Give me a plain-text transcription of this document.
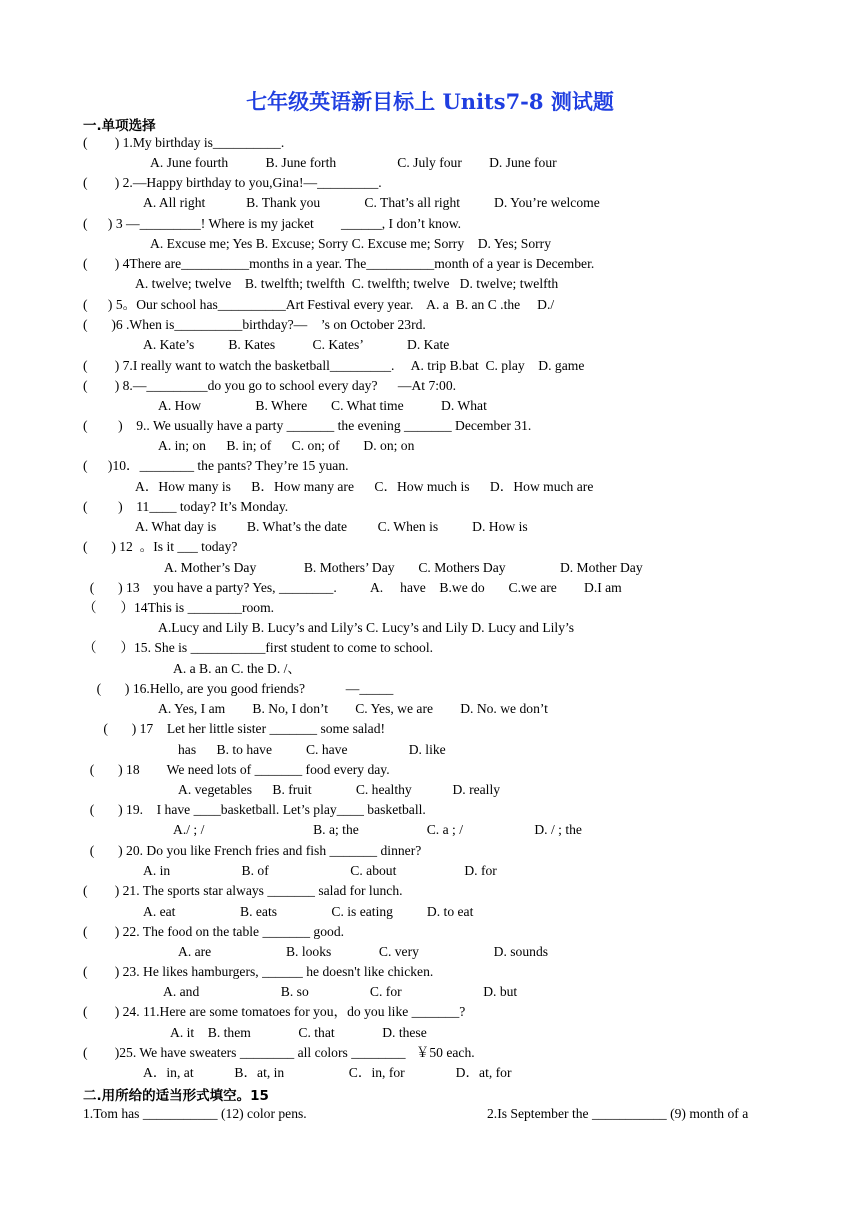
七年级英语新目标上 Units7-8 测试题
一.单项选择
(        ) 1.My birthday is__________.
A. June fourth           B. June forth                  C. July four        D. June four
(        ) 2.—Happy birthday to you,Gina!—_________.
A. All right            B. Thank you             C. That’s all right          D. You’re welcome
(      ) 3 —_________! Where is my jacket        ______, I don’t know.
A. Excuse me; Yes B. Excuse; Sorry C. Excuse me; Sorry    D. Yes; Sorry
(        ) 4There are__________months in a year. The__________month of a year is December.
A. twelve; twelve    B. twelfth; twelfth  C. twelfth; twelve   D. twelve; twelfth
(      ) 5。Our school has__________Art Festival every year.    A. a  B. an C .the     D./
(       )6 .When is__________birthday?—    ’s on October 23rd.
A. Kate’s          B. Kates           C. Kates’             D. Kate
(        ) 7.I really want to watch the basketball_________.     A. trip B.bat  C. play    D. game
(        ) 8.—_________do you go to school every day?      —At 7:00.
A. How                B. Where       C. What time           D. What
(         )    9.. We usually have a party _______ the evening _______ December 31.
A. in; on      B. in; of      C. on; of       D. on; on
(      )10．________ the pants? They’re 15 yuan.
A．How many is      B．How many are      C．How much is      D．How much are
(         )    11____ today? It’s Monday.
A. What day is         B. What’s the date         C. When is          D. How is
(       ) 12  。Is it ___ today?
A. Mother’s Day              B. Mothers’ Day       C. Mothers Day                D. Mother Day
(       ) 13    you have a party? Yes, ________.          A.     have    B.we do       C.we are        D.I am
（       ）14This is ________room.
A.Lucy and Lily B. Lucy’s and Lily’s C. Lucy’s and Lily D. Lucy and Lily’s
（       ）15. She is ___________first student to come to school.
A. a B. an C. the D. /、
(       ) 16.Hello, are you good friends?            —_____
A. Yes, I am        B. No, I don’t        C. Yes, we are        D. No. we don’t
(       ) 17    Let her little sister _______ some salad!
has      B. to have          C. have                  D. like
(       ) 18        We need lots of _______ food every day.
A. vegetables      B. fruit             C. healthy            D. really
(       ) 19.    I have ____basketball. Let’s play____ basketball.
A./ ; /                                B. a; the                    C. a ; /                     D. / ; the
(       ) 20. Do you like French fries and fish _______ dinner?
A. in                     B. of                        C. about                    D. for
(        ) 21. The sports star always _______ salad for lunch.
A. eat                   B. eats                C. is eating          D. to eat
(        ) 22. The food on the table _______ good.
A. are                      B. looks              C. very                      D. sounds
(        ) 23. He likes hamburgers, ______ he doesn't like chicken.
A. and                        B. so                  C. for                        D. but
(        ) 24. 11.Here are some tomatoes for you，do you like _______?
A. it    B. them              C. that              D. these
(        )25. We have sweaters ________ all colors ________   ￥50 each.
A．in, at            B．at, in                   C．in, for               D．at, for
二.用所给的适当形式填空。15
1.Tom has ___________ (12) color pens.	2.Is September the ___________ (9) month of a
